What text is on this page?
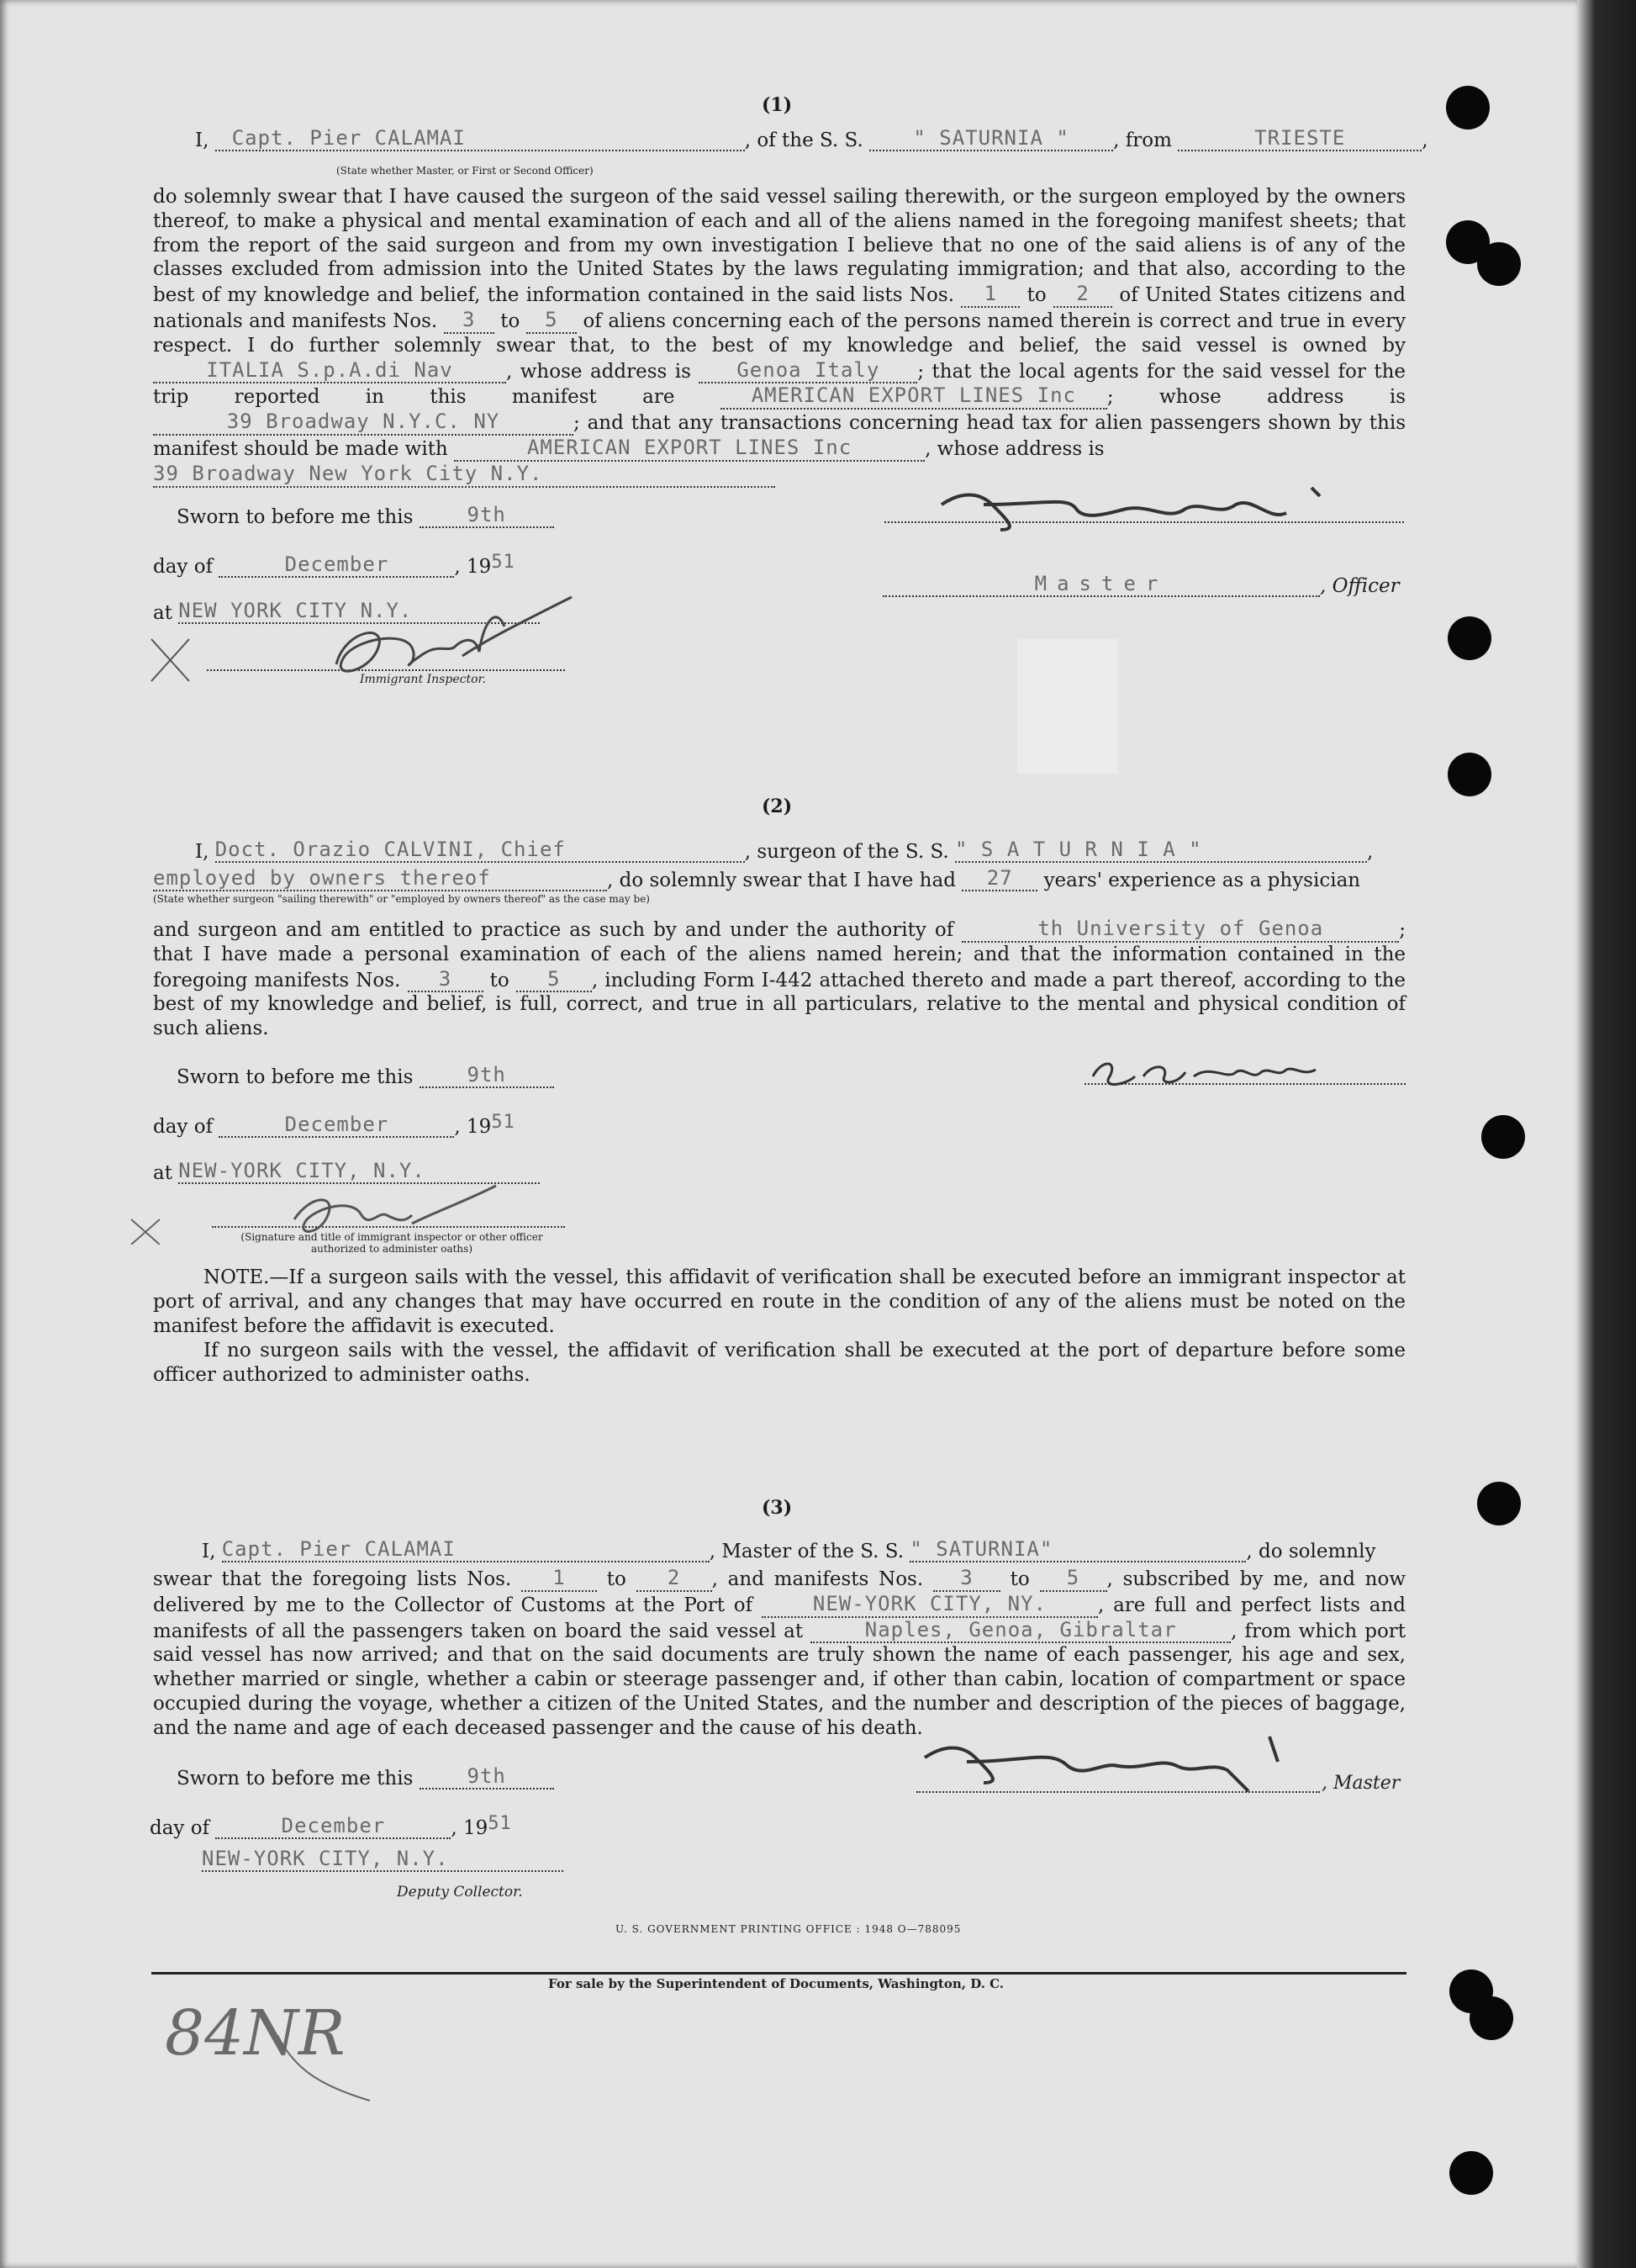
(1)
I, Capt. Pier CALAMAI	, of the S. S. " SATURNIA " , from	TRIESTE	,
(State whether Master, or First or Second Officer)
do solemnly swear that I have caused the surgeon of the said vessel sailing therewith, or the surgeon employed by the owners thereof, to make a physical and mental examination of each and all of the aliens named in the foregoing manifest sheets; that from the report of the said surgeon and from my own investigation I believe that no one of the said aliens is of any of the classes excluded from admission into the United States by the laws regulating immigration; and that also, according to the best of my knowledge and belief, the information contained in the said lists Nos. 1 to 2 of United States citizens and nationals and manifests Nos. 3 to 5 of aliens concerning each of the persons named therein is correct and true in every respect. I do further solemnly swear that, to the best of my knowledge and belief, the said vessel is owned by ITALIA S.p.A.di Nav	, whose address is Genoa Italy ; that the local agents for the said vessel for the trip reported in this manifest are	AMERICAN EXPORT LINES Inc ; whose address is 39 Broadway N.Y.C. NY	; and that any transactions concerning head tax for alien passengers shown by this manifest should be made with	AMERICAN EXPORT LINES Inc	, whose address is
39 Broadway New York City N.Y.
Sworn to before me this	9th
day of	December	, 1951
at NEW YORK CITY N.Y.
Immigrant Inspector.
Master	, Officer
(2)
I, Doct. Orazio CALVINI, Chief	, surgeon of the S. S. " S A T U R N I A "	,
employed by owners thereof	, do solemnly swear that I have had 27 years' experience as a physician
(State whether surgeon "sailing therewith" or "employed by owners thereof" as the case may be)
and surgeon and am entitled to practice as such by and under the authority of	th University of Genoa	; that I have made a personal examination of each of the aliens named herein; and that the information contained in the foregoing manifests Nos. 3 to 5 , including Form I-442 attached thereto and made a part thereof, according to the best of my knowledge and belief, is full, correct, and true in all particulars, relative to the mental and physical condition of such aliens.
Sworn to before me this	9th
day of	December	, 1951
at NEW-YORK CITY, N.Y.
(Signature and title of immigrant inspector or other officer authorized to administer oaths)
NOTE.—If a surgeon sails with the vessel, this affidavit of verification shall be executed before an immigrant inspector at port of arrival, and any changes that may have occurred en route in the condition of any of the aliens must be noted on the manifest before the affidavit is executed.
If no surgeon sails with the vessel, the affidavit of verification shall be executed at the port of departure before some officer authorized to administer oaths.
(3)
I, Capt. Pier CALAMAI	, Master of the S. S. " SATURNIA"	, do solemnly
swear that the foregoing lists Nos. 1 to 2 , and manifests Nos. 3 to 5 , subscribed by me, and now delivered by me to the Collector of Customs at the Port of	NEW-YORK CITY, NY.	, are full and perfect lists and manifests of all the passengers taken on board the said vessel at	Naples, Genoa, Gibraltar	, from which port said vessel has now arrived; and that on the said documents are truly shown the name of each passenger, his age and sex, whether married or single, whether a cabin or steerage passenger and, if other than cabin, location of compartment or space occupied during the voyage, whether a citizen of the United States, and the number and description of the pieces of baggage, and the name and age of each deceased passenger and the cause of his death.
, Master
Sworn to before me this	9th
day of	December	, 1951
NEW-YORK CITY, N.Y.
Deputy Collector.
U. S. GOVERNMENT PRINTING OFFICE : 1948 O—788095
For sale by the Superintendent of Documents, Washington, D. C.
84NR
